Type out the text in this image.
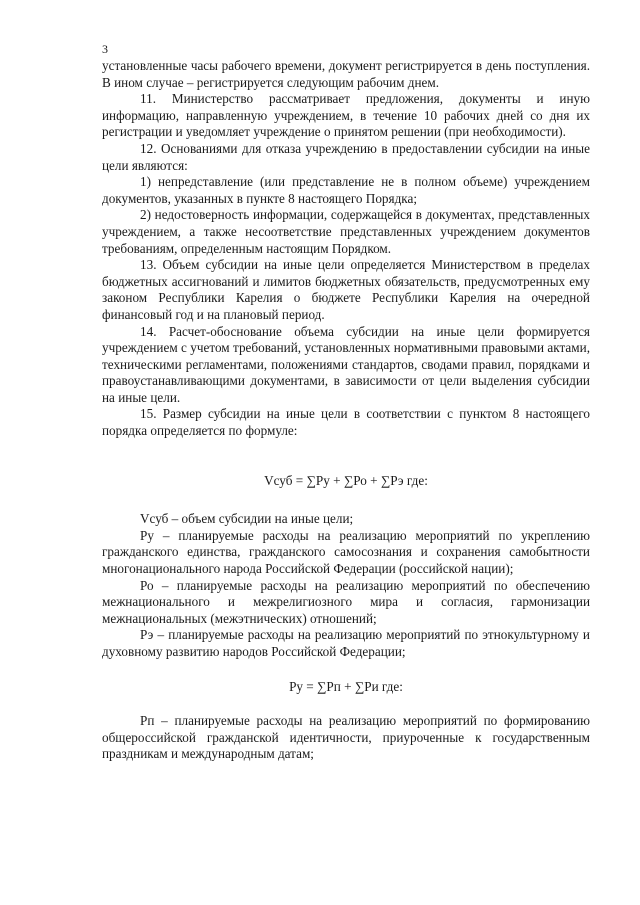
3

установленные часы рабочего времени, документ регистрируется в день поступления. В ином случае – регистрируется следующим рабочим днем.

11. Министерство рассматривает предложения, документы и иную информацию, направленную учреждением, в течение 10 рабочих дней со дня их регистрации и уведомляет учреждение о принятом решении (при необходимости).

12. Основаниями для отказа учреждению в предоставлении субсидии на иные цели являются:

1) непредставление (или представление не в полном объеме) учреждением документов, указанных в пункте 8 настоящего Порядка;

2) недостоверность информации, содержащейся в документах, представленных учреждением, а также несоответствие представленных учреждением документов требованиям, определенным настоящим Порядком.

13. Объем субсидии на иные цели определяется Министерством в пределах бюджетных ассигнований и лимитов бюджетных обязательств, предусмотренных ему законом Республики Карелия о бюджете Республики Карелия на очередной финансовый год и на плановый период.

14. Расчет-обоснование объема субсидии на иные цели формируется учреждением с учетом требований, установленных нормативными правовыми актами, техническими регламентами, положениями стандартов, сводами правил, порядками и правоустанавливающими документами, в зависимости от цели выделения субсидии на иные цели.

15. Размер субсидии на иные цели в соответствии с пунктом 8 настоящего порядка определяется по формуле:

Vсуб = ∑Ру + ∑Ро + ∑Рэ где:

Vсуб – объем субсидии на иные цели;

Ру – планируемые расходы на реализацию мероприятий по укреплению гражданского единства, гражданского самосознания и сохранения самобытности многонационального народа Российской Федерации (российской нации);

Ро – планируемые расходы на реализацию мероприятий по обеспечению межнационального и межрелигиозного мира и согласия, гармонизации межнациональных (межэтнических) отношений;

Рэ – планируемые расходы на реализацию мероприятий по этнокультурному и духовному развитию народов Российской Федерации;

Ру = ∑Рп + ∑Ри где:

Рп – планируемые расходы на реализацию мероприятий по формированию общероссийской гражданской идентичности, приуроченные к государственным праздникам и международным датам;
